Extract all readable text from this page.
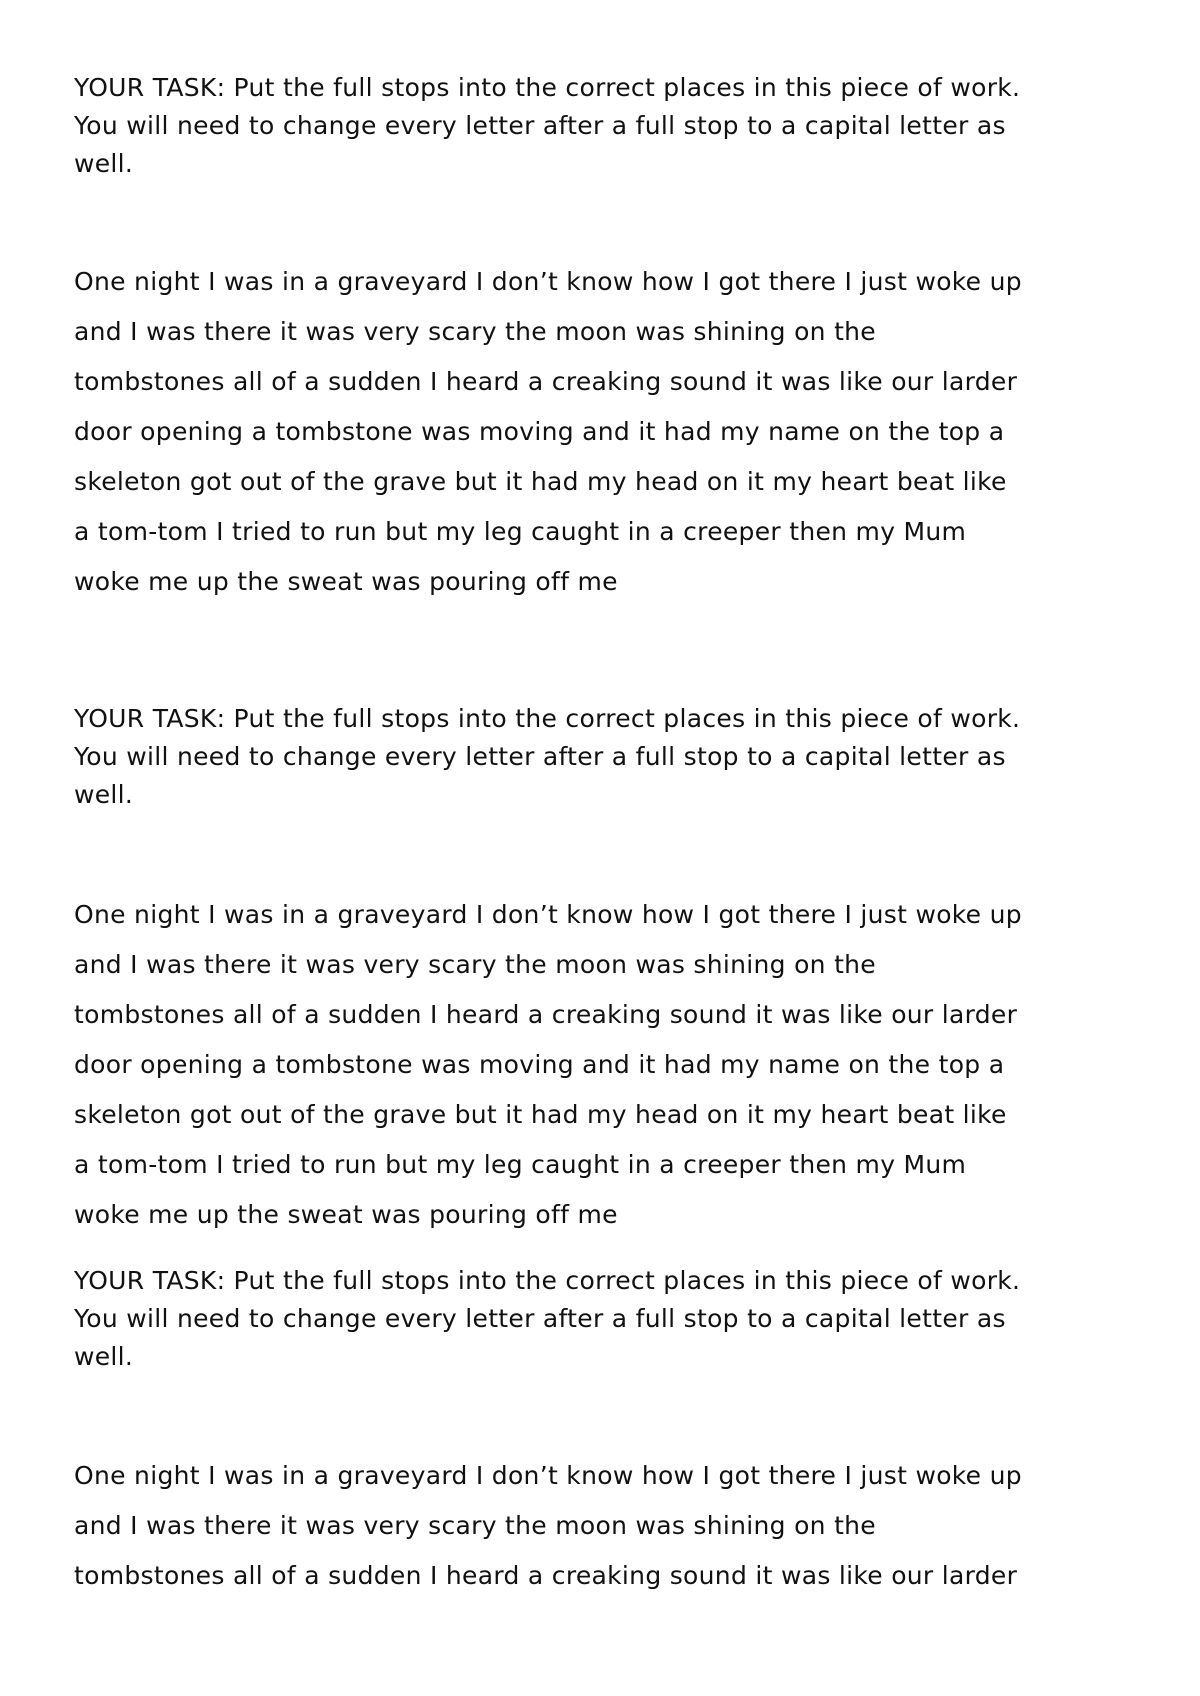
YOUR TASK: Put the full stops into the correct places in this piece of work.
You will need to change every letter after a full stop to a capital letter as
well.

One night I was in a graveyard I don’t know how I got there I just woke up
and I was there it was very scary the moon was shining on the
tombstones all of a sudden I heard a creaking sound it was like our larder
door opening a tombstone was moving and it had my name on the top a
skeleton got out of the grave but it had my head on it my heart beat like
a tom-tom I tried to run but my leg caught in a creeper then my Mum
woke me up the sweat was pouring off me

YOUR TASK: Put the full stops into the correct places in this piece of work.
You will need to change every letter after a full stop to a capital letter as
well.

One night I was in a graveyard I don’t know how I got there I just woke up
and I was there it was very scary the moon was shining on the
tombstones all of a sudden I heard a creaking sound it was like our larder
door opening a tombstone was moving and it had my name on the top a
skeleton got out of the grave but it had my head on it my heart beat like
a tom-tom I tried to run but my leg caught in a creeper then my Mum
woke me up the sweat was pouring off me

YOUR TASK: Put the full stops into the correct places in this piece of work.
You will need to change every letter after a full stop to a capital letter as
well.

One night I was in a graveyard I don’t know how I got there I just woke up
and I was there it was very scary the moon was shining on the
tombstones all of a sudden I heard a creaking sound it was like our larder
